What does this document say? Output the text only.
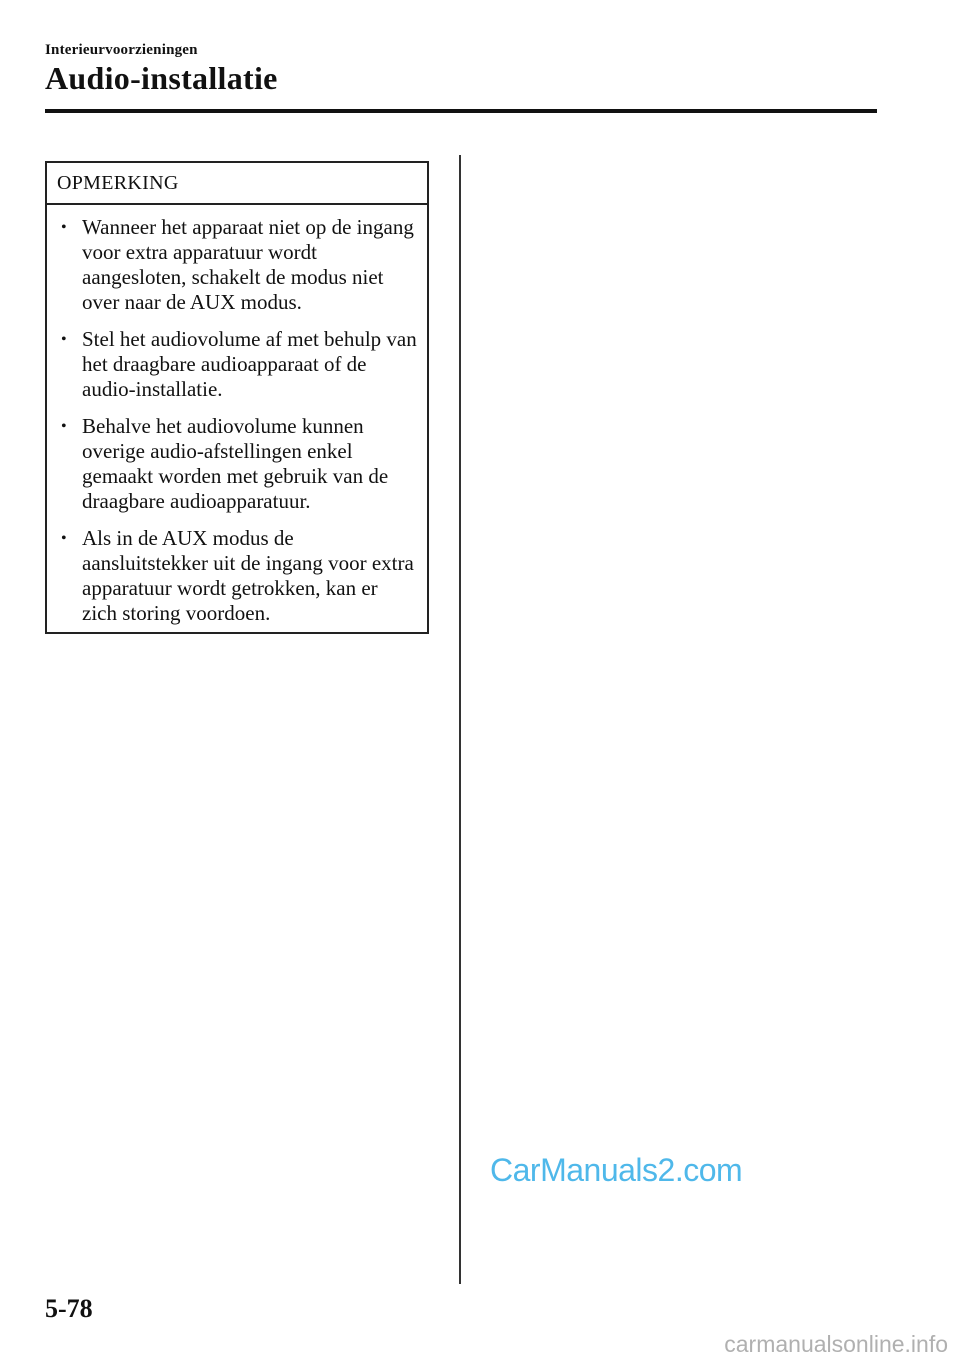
Interieurvoorzieningen
Audio-installatie
OPMERKING
• Wanneer het apparaat niet op de ingang voor extra apparatuur wordt aangesloten, schakelt de modus niet over naar de AUX modus.
• Stel het audiovolume af met behulp van het draagbare audioapparaat of de audio-installatie.
• Behalve het audiovolume kunnen overige audio-afstellingen enkel gemaakt worden met gebruik van de draagbare audioapparatuur.
• Als in de AUX modus de aansluitstekker uit de ingang voor extra apparatuur wordt getrokken, kan er zich storing voordoen.
CarManuals2.com
5-78
carmanualsonline.info
